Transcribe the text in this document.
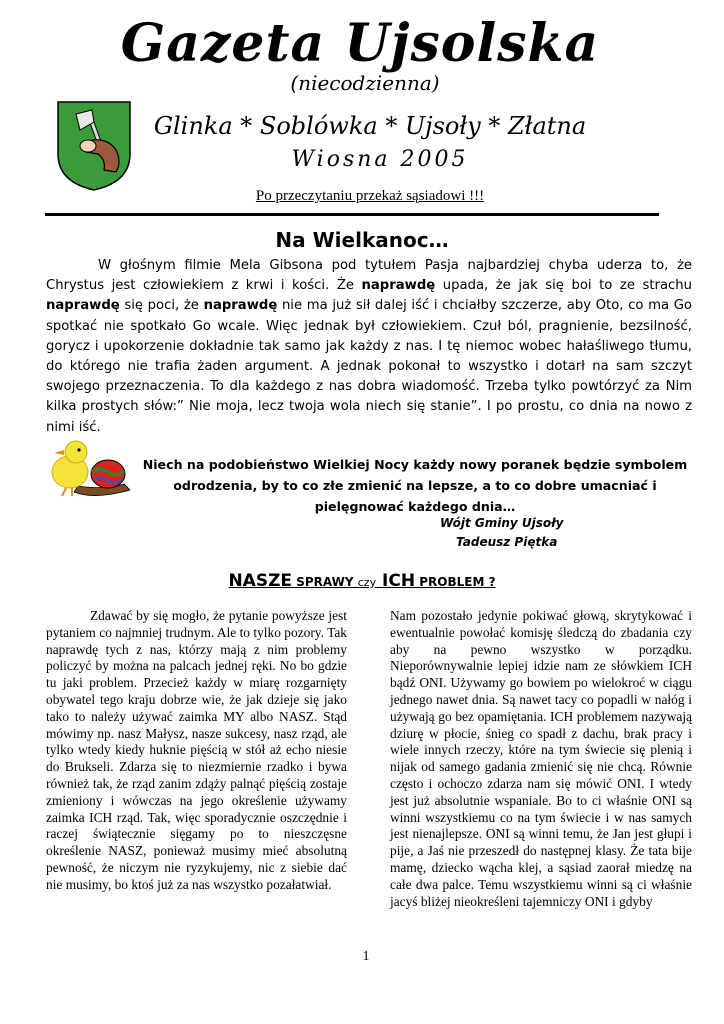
Gazeta Ujsolska
(niecodzienna)
Glinka * Soblówka * Ujsoły * Złatna
Wiosna 2005
Po przeczytaniu przekaż sąsiadowi !!!
Na Wielkanoc…

W głośnym filmie Mela Gibsona pod tytułem Pasja najbardziej chyba uderza to, że Chrystus jest człowiekiem z krwi i kości. Że naprawdę upada, że jak się boi to ze strachu naprawdę się poci, że naprawdę nie ma już sił dalej iść i chciałby szczerze, aby Oto, co ma Go spotkać nie spotkało Go wcale. Więc jednak był człowiekiem. Czuł ból, pragnienie, bezsilność, gorycz i upokorzenie dokładnie tak samo jak każdy z nas. I tę niemoc wobec hałaśliwego tłumu, do którego nie trafia żaden argument. A jednak pokonał to wszystko i dotarł na sam szczyt swojego przeznaczenia. To dla każdego z nas dobra wiadomość. Trzeba tylko powtórzyć za Nim kilka prostych słów:” Nie moja, lecz twoja wola niech się stanie”. I po prostu, co dnia na nowo z nimi iść.

Niech na podobieństwo Wielkiej Nocy każdy nowy poranek będzie symbolem odrodzenia, by to co złe zmienić na lepsze, a to co dobre umacniać i pielęgnować każdego dnia…
Wójt Gminy Ujsoły
Tadeusz Piętka
NASZE SPRAWY czy ICH PROBLEM ?

Zdawać by się mogło, że pytanie powyższe jest pytaniem co najmniej trudnym. Ale to tylko pozory. Tak naprawdę tych z nas, którzy mają z nim problemy policzyć by można na palcach jednej ręki. No bo gdzie tu jaki problem. Przecież każdy w miarę rozgarnięty obywatel tego kraju dobrze wie, że jak dzieje się jako tako to należy używać zaimka MY albo NASZ. Stąd mówimy np. nasz Małysz, nasze sukcesy, nasz rząd, ale tylko wtedy kiedy huknie pięścią w stół aż echo niesie do Brukseli. Zdarza się to niezmiernie rzadko i bywa również tak, że rząd zanim zdąży palnąć pięścią zostaje zmieniony i wówczas na jego określenie używamy zaimka ICH rząd. Tak, więc sporadycznie oszczędnie i raczej świątecznie sięgamy po to nieszczęsne określenie NASZ, ponieważ musimy mieć absolutną pewność, że niczym nie ryzykujemy, nic z siebie dać nie musimy, bo ktoś już za nas wszystko pozałatwiał.

Nam pozostało jedynie pokiwać głową, skrytykować i ewentualnie powołać komisję śledczą do zbadania czy aby na pewno wszystko w porządku. Nieporównywalnie lepiej idzie nam ze słówkiem ICH bądź ONI. Używamy go bowiem po wielokroć w ciągu jednego nawet dnia. Są nawet tacy co popadli w nałóg i używają go bez opamiętania. ICH problemem nazywają dziurę w płocie, śnieg co spadł z dachu, brak pracy i wiele innych rzeczy, które na tym świecie się plenią i nijak od samego gadania zmienić się nie chcą. Równie często i ochoczo zdarza nam się mówić ONI. I wtedy jest już absolutnie wspaniale. Bo to ci właśnie ONI są winni wszystkiemu co na tym świecie i w nas samych jest nienajlepsze. ONI są winni temu, że Jan jest głupi i pije, a Jaś nie przeszedł do następnej klasy. Że tata bije mamę, dziecko wącha klej, a sąsiad zaorał miedzę na całe dwa palce. Temu wszystkiemu winni są ci właśnie jacyś bliżej nieokreśleni tajemniczy ONI i gdyby

1
